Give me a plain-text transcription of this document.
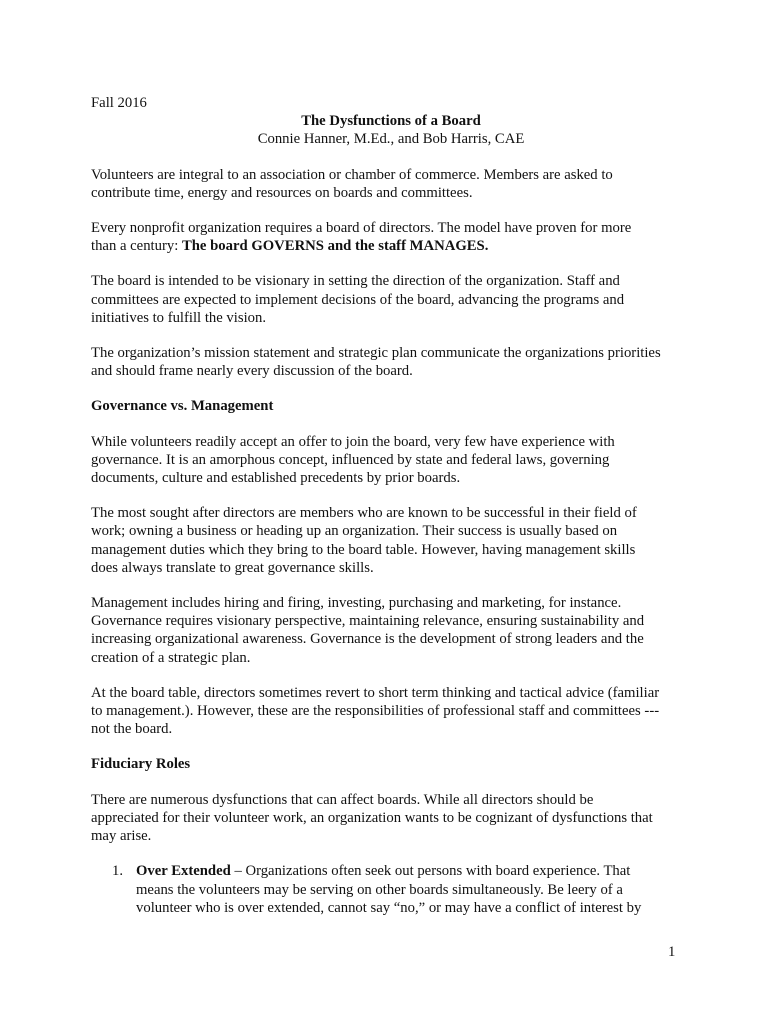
Fall 2016

The Dysfunctions of a Board

Connie Hanner, M.Ed., and Bob Harris, CAE

Volunteers are integral to an association or chamber of commerce. Members are asked to
contribute time, energy and resources on boards and committees.

Every nonprofit organization requires a board of directors. The model have proven for more
than a century: The board GOVERNS and the staff MANAGES.

The board is intended to be visionary in setting the direction of the organization. Staff and
committees are expected to implement decisions of the board, advancing the programs and
initiatives to fulfill the vision.

The organization’s mission statement and strategic plan communicate the organizations priorities
and should frame nearly every discussion of the board.

Governance vs. Management

While volunteers readily accept an offer to join the board, very few have experience with
governance. It is an amorphous concept, influenced by state and federal laws, governing
documents, culture and established precedents by prior boards.

The most sought after directors are members who are known to be successful in their field of
work; owning a business or heading up an organization. Their success is usually based on
management duties which they bring to the board table. However, having management skills
does always translate to great governance skills.

Management includes hiring and firing, investing, purchasing and marketing, for instance.
Governance requires visionary perspective, maintaining relevance, ensuring sustainability and
increasing organizational awareness. Governance is the development of strong leaders and the
creation of a strategic plan.

At the board table, directors sometimes revert to short term thinking and tactical advice (familiar
to management.). However, these are the responsibilities of professional staff and committees ---
not the board.

Fiduciary Roles

There are numerous dysfunctions that can affect boards. While all directors should be
appreciated for their volunteer work, an organization wants to be cognizant of dysfunctions that
may arise.

1. Over Extended – Organizations often seek out persons with board experience. That
means the volunteers may be serving on other boards simultaneously. Be leery of a
volunteer who is over extended, cannot say “no,” or may have a conflict of interest by
1
